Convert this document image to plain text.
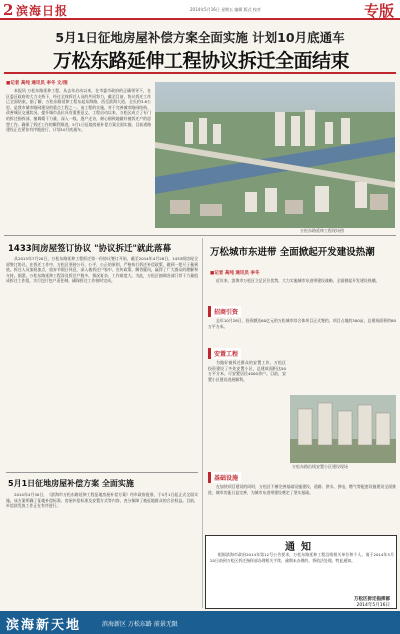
2 滨海日报	2014年5月16日 星期五 编辑 版式 校对	专版
5月1日征地房屋补偿方案全面实施 计划10月底通车
万松东路延伸工程协议拆迁全面结束
■记者 高纯 通讯员 李冬 文/图

本报讯 万松东路延伸工程，从去年启动以来，在市委市政府的正确领导下，在区委区政府的大力支持下，经过全体拆迁人员的共同努力，截至目前，协议拆迁工作已全面结束。据了解，万松东路延伸工程东起东海路，西至滨海大道，全长约3.8公里，是我市城市路网建设的重点工程之一。该工程的实施，对于完善城市路网结构、改善城区交通状况、提升城市品位具有重要意义。工程启动以来，万松区成立了专门的拆迁指挥部，抽调精干力量，深入一线，逐户走访，耐心细致地做好被拆迁户的思想工作，确保了拆迁工作的顺利推进。5月1日征地房屋补偿方案全面实施，目前道路建设正在紧张有序地进行，计划10月底通车。

万松东路延伸工程现场图
1433间房屋签订协议 "协议拆迁"就此落幕

从2013年7月20日，万松东路延伸工程拆迁第一份协议签订开始，截至2014年4月28日，1433间房屋全部签订协议。在拆迁工作中，万松区坚持公开、公平、公正的原则，严格执行拆迁补偿政策，做到一把尺子量到底。拆迁人员加班加点，放弃节假日休息，深入被拆迁户家中，宣传政策，解答疑问，赢得了广大群众的理解和支持。据悉，万松东路延伸工程涉及拆迁户数多，情况复杂，工作难度大。为此，万松区抽调各部门骨干力量组成拆迁工作组，实行包片包户责任制，确保拆迁工作按时完成。

5月1日征地房屋补偿方案 全面实施

2014年4月30日，《滨海市万松东路延伸工程征地房屋补偿方案》经市政府批准，于5月1日起正式全面实施。该方案明确了征地补偿标准、房屋补偿标准及安置方式等内容，充分保障了被征地群众的合法权益。目前，补偿款发放工作正在有序进行。

万松城市东进带 全面掀起开发建设热潮
■记者 高纯 通讯员 李冬

近年来，滨海市万松区立足区位优势，大力实施城市东进带建设战略，全面掀起开发建设热潮。

招商引资

去年10月28日，投资额达60亿元的万松城市综合体项目正式签约，项目占地约300亩，总建筑面积约80万平方米。

安置工程

为做好被拆迁群众的安置工作，万松区投资建设了多处安置小区，总建筑面积达50万平方米，可安置居民4000余户。目前，安置小区建设进展顺利。

万松东路沿线安置小区建设现场
基础设施

在加快项目建设的同时，万松区不断完善基础设施建设，道路、供水、供电、燃气等配套设施建设全面推进，城市功能日益完善，为城市东进带建设奠定了坚实基础。

通知

根据滨海市政府2014年第12号公告要求，万松东路延伸工程沿线相关单位和个人，请于2014年5月20日前到万松区拆迁指挥部办理相关手续，逾期未办理的，将依法处理。特此通知。

万松区拆迁指挥部
2014年5月16日
滨海新天地	滨海新区 万松东路 前景无限
